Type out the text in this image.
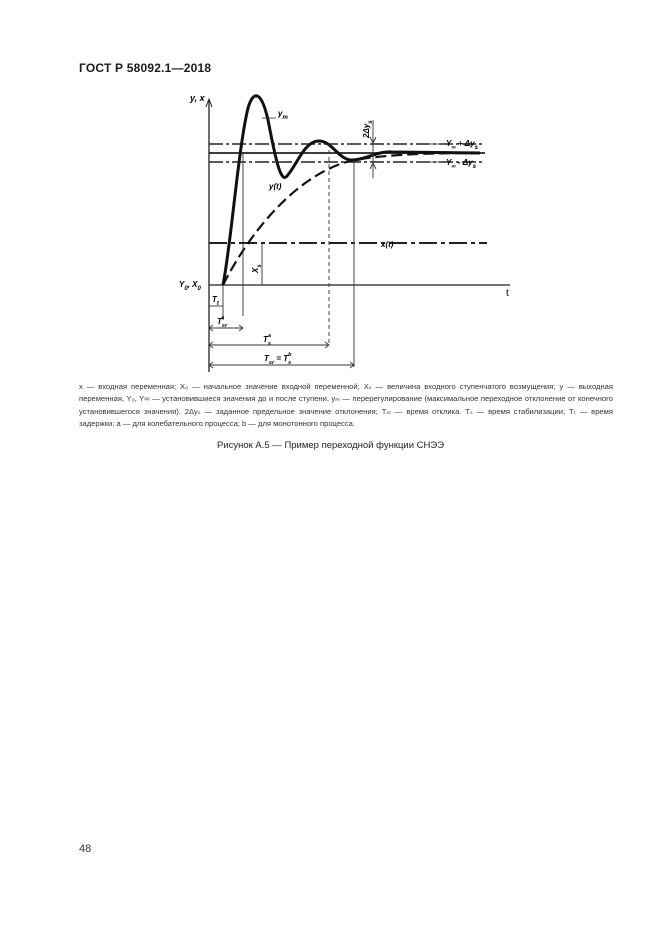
ГОСТ Р 58092.1—2018
y, x
t
$y_m$
y(t)
x(t)
$X_s$
$2\Delta y_s$
$Y_0$, $X_0$
$Y_\infty + \Delta y_s$
$Y_\infty - \Delta y_s$
$T_t$
$T_{sr}a$
$T_sa$
$T_{sr} = T_sb$
x — входная переменная; X₀ — начальное значение входной переменной; Xₛ — величина входного ступенчатого возмущения; y — выходная переменная, Y₀, Y∞ — установившиеся значения до и после ступени, yₘ — перерегулирование (максимальное переходное отклонение от конечного установившегося значения). 2Δyₛ — заданное предельное значение отклонения; Tₛᵣ — время отклика. Tₛ — время стабилизации; Tₜ — время задержки; a — для колебательного процесса; b — для монотонного процесса.
Рисунок А.5 — Пример переходной функции СНЭЭ
48
